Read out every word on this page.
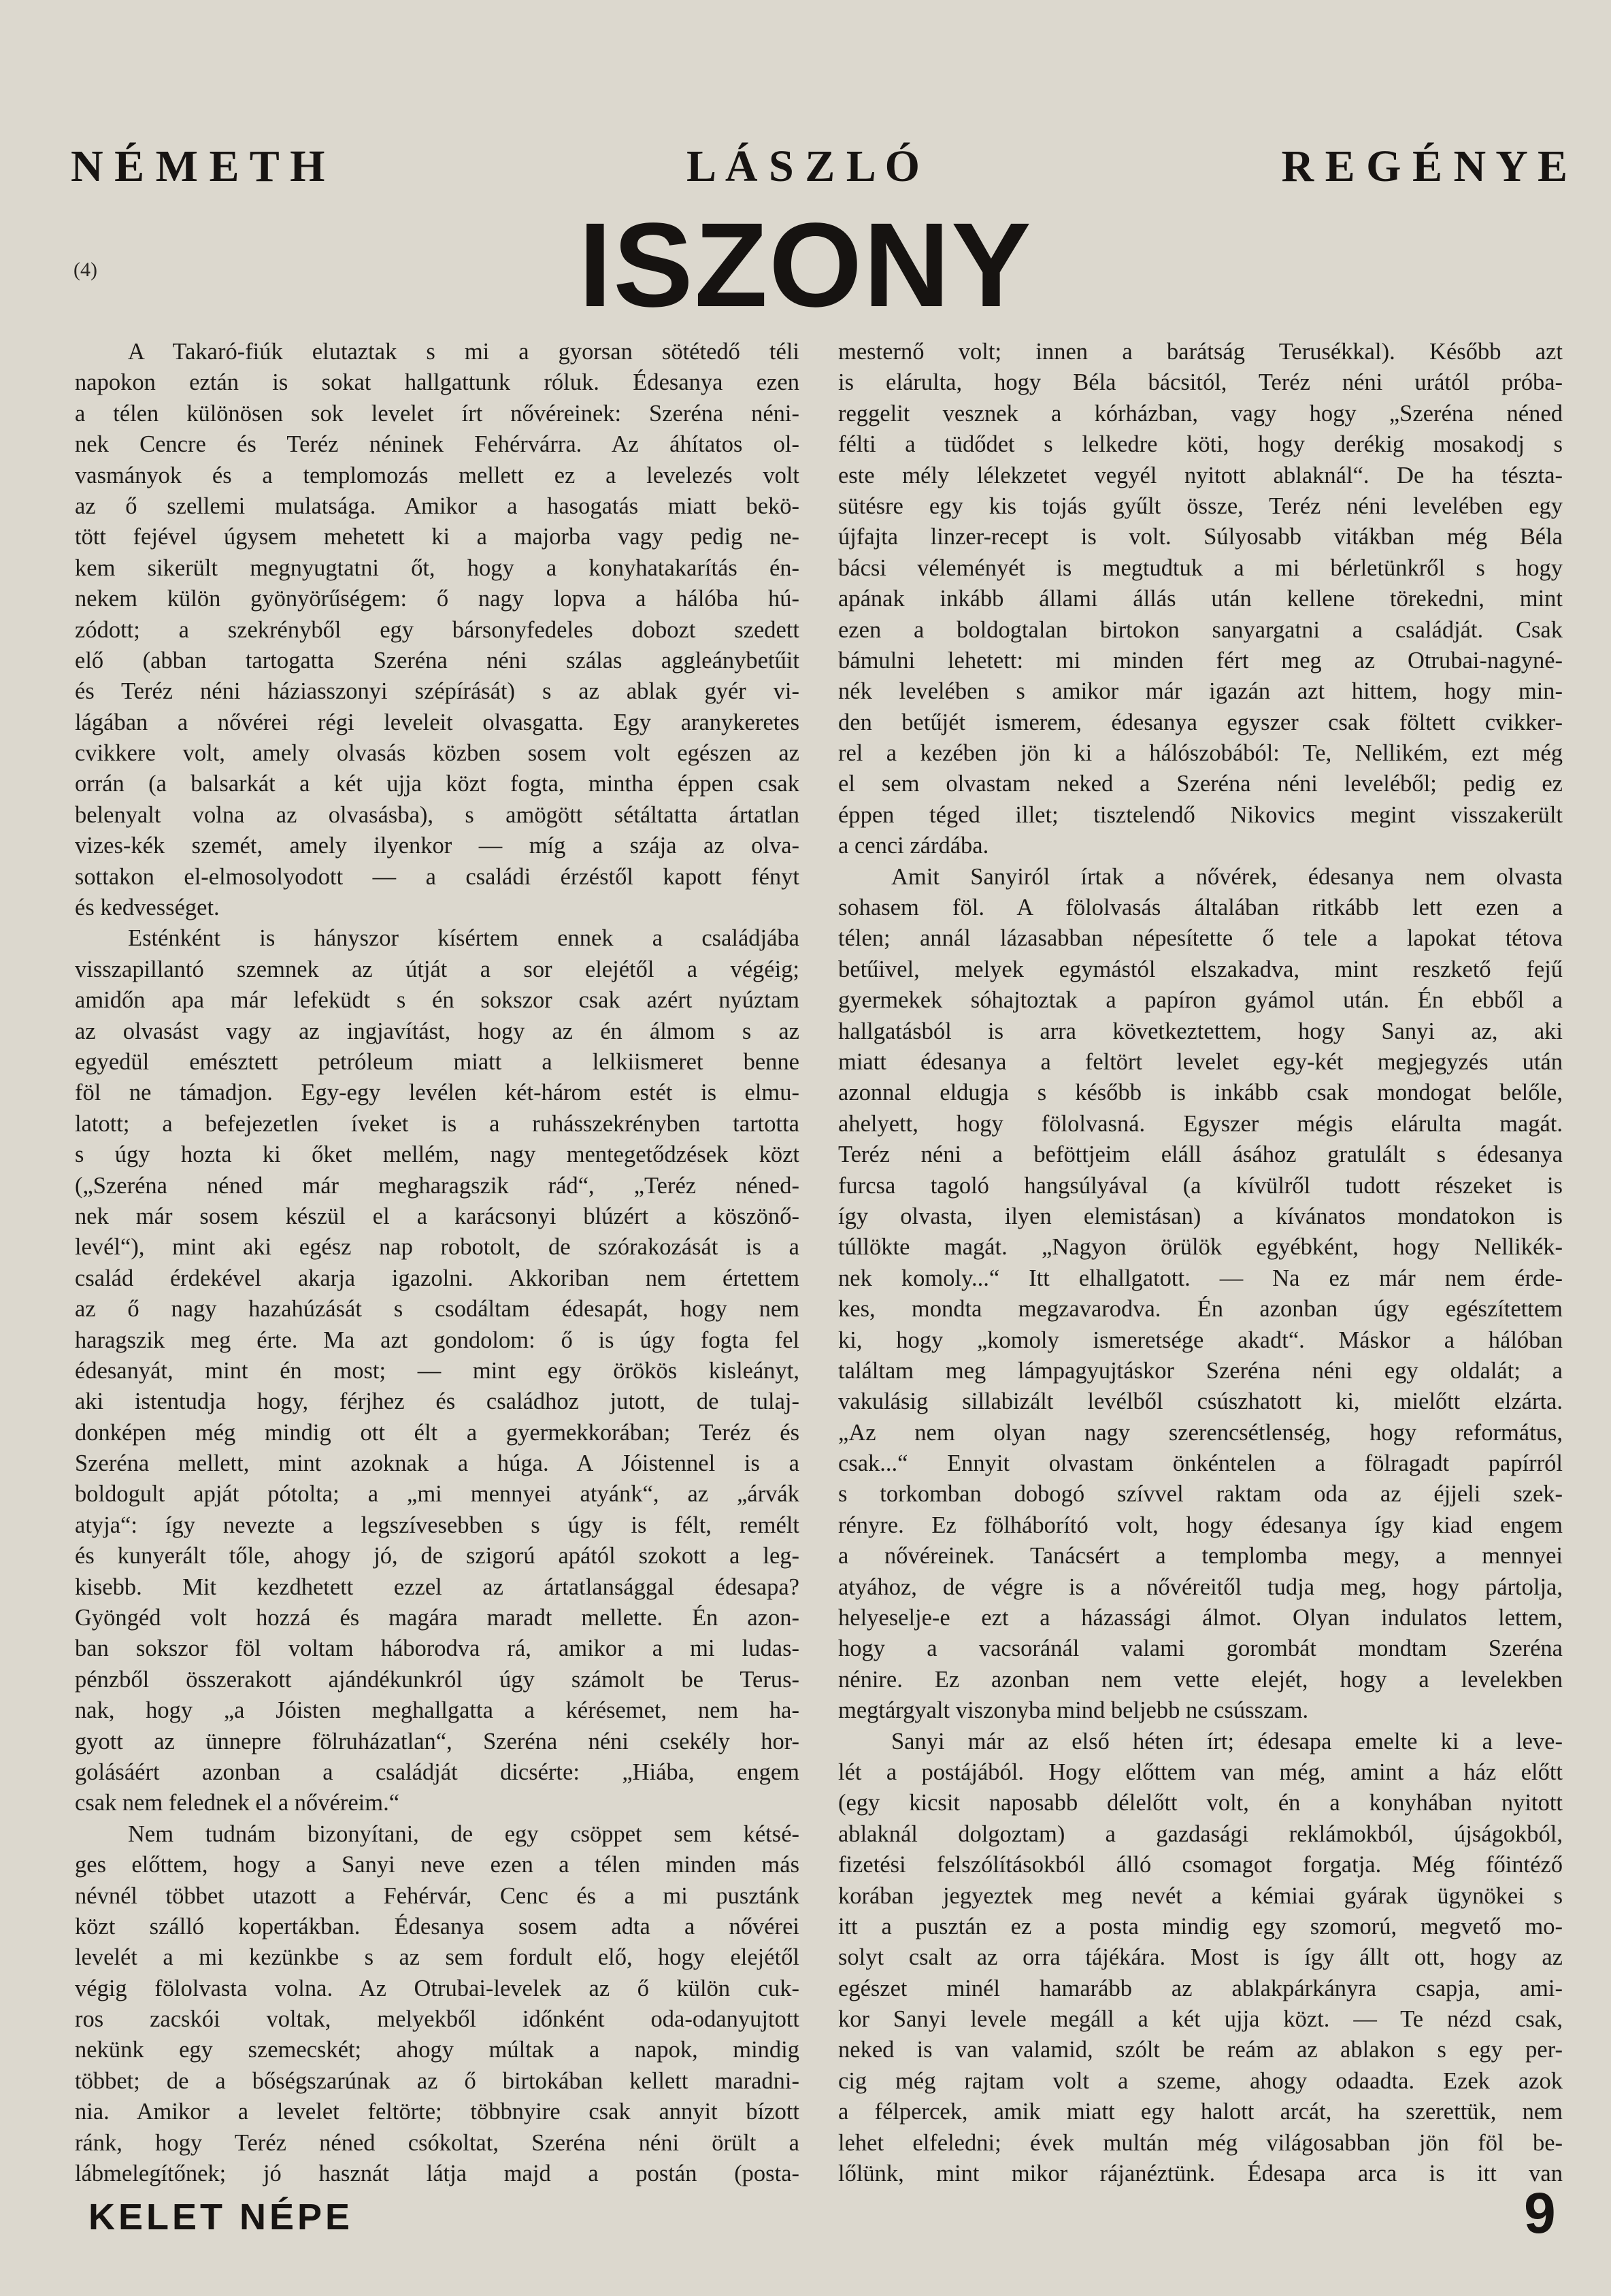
N É M E T H	L Á S Z L Ó	R E G É N Y E
(4)	ISZONY
A Takaró-fiúk elutaztak s mi a gyorsan sötétedő téli
napokon eztán is sokat hallgattunk róluk. Édesanya ezen
a télen különösen sok levelet írt nővéreinek: Szeréna néni-
nek Cencre és Teréz néninek Fehérvárra. Az áhítatos ol-
vasmányok és a templomozás mellett ez a levelezés volt
az ő szellemi mulatsága. Amikor a hasogatás miatt bekö-
tött fejével úgysem mehetett ki a majorba vagy pedig ne-
kem sikerült megnyugtatni őt, hogy a konyhatakarítás én-
nekem külön gyönyörűségem: ő nagy lopva a hálóba hú-
zódott; a szekrényből egy bársonyfedeles dobozt szedett
elő (abban tartogatta Szeréna néni szálas aggleánybetűit
és Teréz néni háziasszonyi szépírását) s az ablak gyér vi-
lágában a nővérei régi leveleit olvasgatta. Egy aranykeretes
cvikkere volt, amely olvasás közben sosem volt egészen az
orrán (a balsarkát a két ujja közt fogta, mintha éppen csak
belenyalt volna az olvasásba), s amögött sétáltatta ártatlan
vizes-kék szemét, amely ilyenkor — míg a szája az olva-
sottakon el-elmosolyodott — a családi érzéstől kapott fényt
és kedvességet.
Esténként is hányszor kísértem ennek a családjába
visszapillantó szemnek az útját a sor elejétől a végéig;
amidőn apa már lefeküdt s én sokszor csak azért nyúztam
az olvasást vagy az ingjavítást, hogy az én álmom s az
egyedül emésztett petróleum miatt a lelkiismeret benne
föl ne támadjon. Egy-egy levélen két-három estét is elmu-
latott; a befejezetlen íveket is a ruhásszekrényben tartotta
s úgy hozta ki őket mellém, nagy mentegetődzések közt
(„Szeréna néned már megharagszik rád“, „Teréz néned-
nek már sosem készül el a karácsonyi blúzért a köszönő-
levél“), mint aki egész nap robotolt, de szórakozását is a
család érdekével akarja igazolni. Akkoriban nem értettem
az ő nagy hazahúzását s csodáltam édesapát, hogy nem
haragszik meg érte. Ma azt gondolom: ő is úgy fogta fel
édesanyát, mint én most; — mint egy örökös kisleányt,
aki istentudja hogy, férjhez és családhoz jutott, de tulaj-
donképen még mindig ott élt a gyermekkorában; Teréz és
Szeréna mellett, mint azoknak a húga. A Jóistennel is a
boldogult apját pótolta; a „mi mennyei atyánk“, az „árvák
atyja“: így nevezte a legszívesebben s úgy is félt, remélt
és kunyerált tőle, ahogy jó, de szigorú apától szokott a leg-
kisebb. Mit kezdhetett ezzel az ártatlansággal édesapa?
Gyöngéd volt hozzá és magára maradt mellette. Én azon-
ban sokszor föl voltam háborodva rá, amikor a mi ludas-
pénzből összerakott ajándékunkról úgy számolt be Terus-
nak, hogy „a Jóisten meghallgatta a kérésemet, nem ha-
gyott az ünnepre fölruházatlan“, Szeréna néni csekély hor-
golásáért azonban a családját dicsérte: „Hiába, engem
csak nem felednek el a nővéreim.“
Nem tudnám bizonyítani, de egy csöppet sem kétsé-
ges előttem, hogy a Sanyi neve ezen a télen minden más
névnél többet utazott a Fehérvár, Cenc és a mi pusztánk
közt szálló kopertákban. Édesanya sosem adta a nővérei
levelét a mi kezünkbe s az sem fordult elő, hogy elejétől
végig fölolvasta volna. Az Otrubai-levelek az ő külön cuk-
ros zacskói voltak, melyekből időnként oda-odanyujtott
nekünk egy szemecskét; ahogy múltak a napok, mindig
többet; de a bőségszarúnak az ő birtokában kellett maradni-
nia. Amikor a levelet feltörte; többnyire csak annyit bízott
ránk, hogy Teréz néned csókoltat, Szeréna néni örült a
lábmelegítőnek; jó hasznát látja majd a postán (posta-
mesternő volt; innen a barátság Terusékkal). Később azt
is elárulta, hogy Béla bácsitól, Teréz néni urától próba-
reggelit vesznek a kórházban, vagy hogy „Szeréna néned
félti a tüdődet s lelkedre köti, hogy derékig mosakodj s
este mély lélekzetet vegyél nyitott ablaknál“. De ha tészta-
sütésre egy kis tojás gyűlt össze, Teréz néni levelében egy
újfajta linzer-recept is volt. Súlyosabb vitákban még Béla
bácsi véleményét is megtudtuk a mi bérletünkről s hogy
apának inkább állami állás után kellene törekedni, mint
ezen a boldogtalan birtokon sanyargatni a családját. Csak
bámulni lehetett: mi minden fért meg az Otrubai-nagyné-
nék levelében s amikor már igazán azt hittem, hogy min-
den betűjét ismerem, édesanya egyszer csak föltett cvikker-
rel a kezében jön ki a hálószobából: Te, Nellikém, ezt még
el sem olvastam neked a Szeréna néni leveléből; pedig ez
éppen téged illet; tisztelendő Nikovics megint visszakerült
a cenci zárdába.
Amit Sanyiról írtak a nővérek, édesanya nem olvasta
sohasem föl. A fölolvasás általában ritkább lett ezen a
télen; annál lázasabban népesítette ő tele a lapokat tétova
betűivel, melyek egymástól elszakadva, mint reszkető fejű
gyermekek sóhajtoztak a papíron gyámol után. Én ebből a
hallgatásból is arra következtettem, hogy Sanyi az, aki
miatt édesanya a feltört levelet egy-két megjegyzés után
azonnal eldugja s később is inkább csak mondogat belőle,
ahelyett, hogy fölolvasná. Egyszer mégis elárulta magát.
Teréz néni a beföttjeim eláll ásához gratulált s édesanya
furcsa tagoló hangsúlyával (a kívülről tudott részeket is
így olvasta, ilyen elemistásan) a kívánatos mondatokon is
túllökte magát. „Nagyon örülök egyébként, hogy Nellikék-
nek komoly...“ Itt elhallgatott. — Na ez már nem érde-
kes, mondta megzavarodva. Én azonban úgy egészítettem
ki, hogy „komoly ismeretsége akadt“. Máskor a hálóban
találtam meg lámpagyujtáskor Szeréna néni egy oldalát; a
vakulásig sillabizált levélből csúszhatott ki, mielőtt elzárta.
„Az nem olyan nagy szerencsétlenség, hogy református,
csak...“ Ennyit olvastam önkéntelen a fölragadt papírról
s torkomban dobogó szívvel raktam oda az éjjeli szek-
rényre. Ez fölháborító volt, hogy édesanya így kiad engem
a nővéreinek. Tanácsért a templomba megy, a mennyei
atyához, de végre is a nővéreitől tudja meg, hogy pártolja,
helyeselje-e ezt a házassági álmot. Olyan indulatos lettem,
hogy a vacsoránál valami gorombát mondtam Szeréna
nénire. Ez azonban nem vette elejét, hogy a levelekben
megtárgyalt viszonyba mind beljebb ne csússzam.
Sanyi már az első héten írt; édesapa emelte ki a leve-
lét a postájából. Hogy előttem van még, amint a ház előtt
(egy kicsit naposabb délelőtt volt, én a konyhában nyitott
ablaknál dolgoztam) a gazdasági reklámokból, újságokból,
fizetési felszólításokból álló csomagot forgatja. Még főintéző
korában jegyeztek meg nevét a kémiai gyárak ügynökei s
itt a pusztán ez a posta mindig egy szomorú, megvető mo-
solyt csalt az orra tájékára. Most is így állt ott, hogy az
egészet minél hamarább az ablakpárkányra csapja, ami-
kor Sanyi levele megáll a két ujja közt. — Te nézd csak,
neked is van valamid, szólt be reám az ablakon s egy per-
cig még rajtam volt a szeme, ahogy odaadta. Ezek azok
a félpercek, amik miatt egy halott arcát, ha szerettük, nem
lehet elfeledni; évek multán még világosabban jön föl be-
lőlünk, mint mikor rájanéztünk. Édesapa arca is itt van
KELET NÉPE	9
